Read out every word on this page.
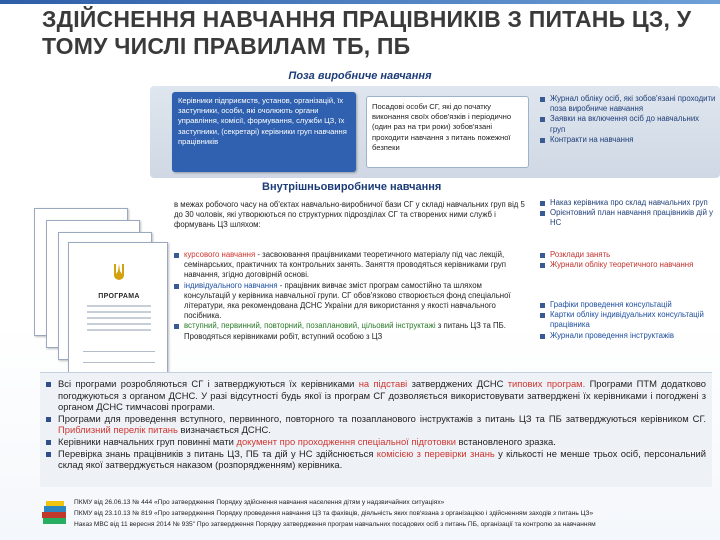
ЗДІЙСНЕННЯ НАВЧАННЯ ПРАЦІВНИКІВ З ПИТАНЬ ЦЗ, У ТОМУ ЧИСЛІ ПРАВИЛАМ ТБ, ПБ
Поза виробниче навчання
Керівники підприємств, установ, організацій, їх заступники, особи, які очолюють органи управління, комісії, формування, служби ЦЗ, їх заступники, (секретарі) керівники груп навчання працівників
Посадові особи СГ, які до початку виконання своїх обов'язків і періодично (один раз на три роки) зобов'язані проходити навчання з питань пожежної безпеки
Журнал обліку осіб, які зобов'язані проходити поза виробниче навчання
Заявки на включення осіб до навчальних груп
Контракти на навчання
Внутрішньовиробниче навчання
ПРОГРАМА
в межах робочого часу на об'єктах навчально-виробничої бази СГ у складі навчальних груп від 5 до 30 чоловік, які утворюються по структурних підрозділах СГ та створених ними служб і формувань ЦЗ шляхом:
курсового навчання - засвоювання працівниками теоретичного матеріалу під час лекцій, семінарських, практичних та контрольних занять. Заняття проводяться керівниками груп навчання, згідно договірній основі.
індивідуального навчання - працівник вивчає зміст програм самостійно та шляхом консультацій у керівника навчальної групи. СГ обов'язково створюється фонд спеціальної літератури, яка рекомендована ДСНС України для використання у якості навчального посібника.
вступний, первинний, повторний, позаплановий, цільовий інструктажі з питань ЦЗ та ПБ. Проводяться керівниками робіт, вступний особою з ЦЗ
Наказ керівника про склад навчальних груп
Орієнтовний план навчання працівників дій у НС
Розклади занять
Журнали обліку теоретичного навчання
Графіки проведення консультацій
Картки обліку індивідуальних консультацій працівника
Журнали проведення інструктажів
Всі програми розробляються СГ і затверджуються їх керівниками на підставі затверджених ДСНС типових програм. Програми ПТМ додатково погоджуються з органом ДСНС. У разі відсутності будь якої із програм СГ дозволяється використовувати затверджені їх керівниками і погоджені з органом ДСНС тимчасові програми.
Програми для проведення вступного, первинного, повторного та позапланового інструктажів з питань ЦЗ та ПБ затверджуються керівником СГ. Приблизний перелік питань визначається ДСНС.
Керівники навчальних груп повинні мати документ про проходження спеціальної підготовки встановленого зразка.
Перевірка знань працівників з питань ЦЗ, ПБ та дій у НС здійснюється комісією з перевірки знань у кількості не менше трьох осіб, персональний склад якої затверджується наказом (розпорядженням) керівника.
ПКМУ від 26.06.13 № 444 «Про затвердження Порядку здійснення навчання населення дітям у надзвичайних ситуаціях»
ПКМУ від 23.10.13 № 819 «Про затвердження Порядку проведення навчання ЦЗ та фахівців, діяльність яких пов'язана з організацією і здійсненням заходів з питань ЦЗ»
Наказ МВС від 11 вересня 2014 № 935" Про затвердження Порядку затвердження програм навчальних посадових осіб з питань ПБ, організації та контролю за навчанням
